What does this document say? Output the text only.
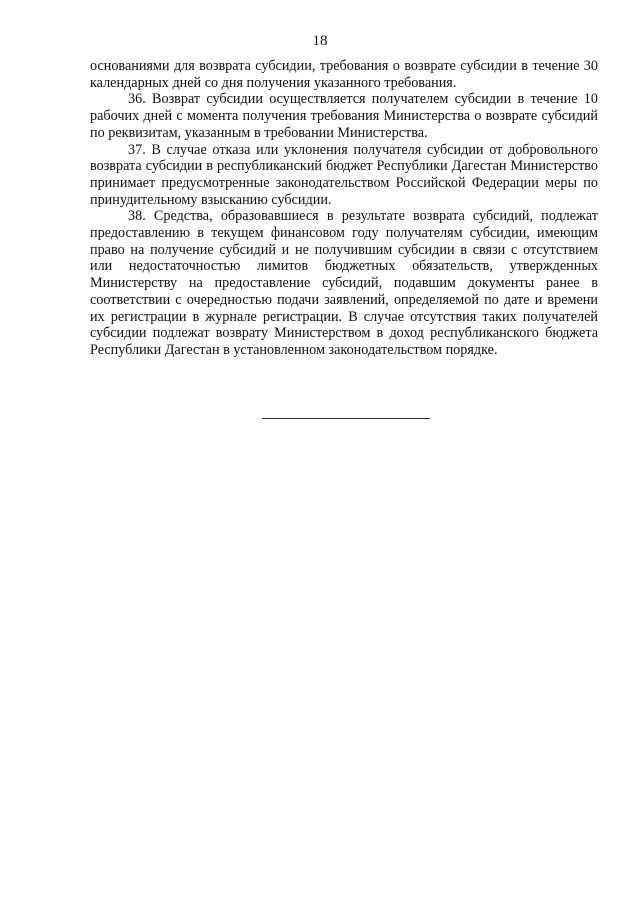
18

основаниями для возврата субсидии, требования о возврате субсидии в течение 30 календарных дней со дня получения указанного требования.

36. Возврат субсидии осуществляется получателем субсидии в течение 10 рабочих дней с момента получения требования Министерства о возврате субсидий по реквизитам, указанным в требовании Министерства.

37. В случае отказа или уклонения получателя субсидии от добровольного возврата субсидии в республиканский бюджет Республики Дагестан Министерство принимает предусмотренные законодательством Российской Федерации меры по принудительному взысканию субсидии.

38. Средства, образовавшиеся в результате возврата субсидий, подлежат предоставлению в текущем финансовом году получателям субсидии, имеющим право на получение субсидий и не получившим субсидии в связи с отсутствием или недостаточностью лимитов бюджетных обязательств, утвержденных Министерству на предоставление субсидий, подавшим документы ранее в соответствии с очередностью подачи заявлений, определяемой по дате и времени их регистрации в журнале регистрации. В случае отсутствия таких получателей субсидии подлежат возврату Министерством в доход республиканского бюджета Республики Дагестан в установленном законодательством порядке.
